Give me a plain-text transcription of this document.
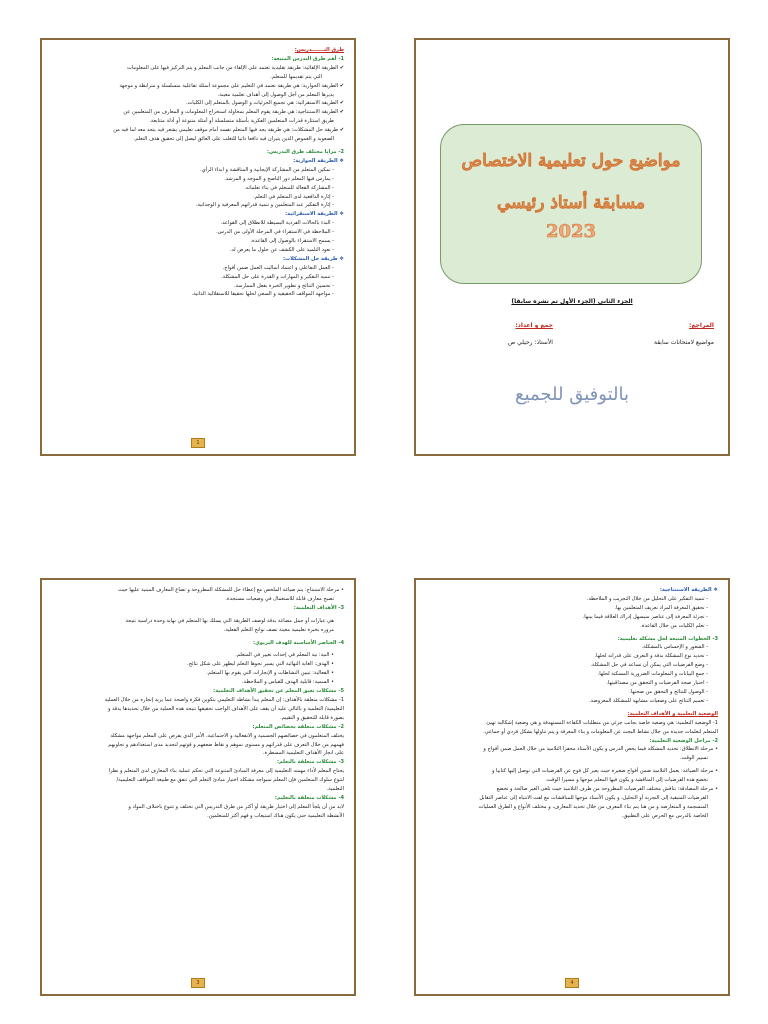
طرق التـــــــدريس:

1- أهم طرق التدرس المتبعة:

✔ الطريقة الإلقائية: طريقة تقليدية تعتمد على الإلقاء من جانب المعلم و يتم التركيز فيها على المعلومات

التي يتم تقديمها للمتعلم.

✔ الطريقة الحوارية: هي طريقة تعتمد في التعليم على مجموعة أسئلة تفاعلية متسلسلة و مترابطة و موجهة

يديرها المعلم من أجل الوصول إلى أهداف تعلمية معينة.

✔ الطريقة الاستقرائية: هي تجميع الجزئيات و الوصول بالمتعلم إلى الكليات.

✔ الطريقة الاستنتاجية: هي طريقة يقوم المعلم بمحاولة استخراج المعلومات و المعارف من المتعلمين عن

طريق استثارة قدرات المتعلمين الفكرية بأسئلة متسلسلة أو أمثلة متنوعة أو أدلة متتابعة.

✔ طريقة حل المشكلات: هي طريقة يجد فيها المتعلم نفسه أمام موقف تعليمي يشعر فيه بتحد معه لما فيه من

الصعوبة و الغموض الذين يثيران فيه دافعا ذاتيا للتغلب على العائق ليصل إلى تحقيق هدف التعلم.

2- مزايا مختلف طرق التدريس:

❖ الطريقة الحوارية:

- تمكين المتعلم من المشاركة الإيجابية و المناقشة و ابداء الرأي.

- يمارس فيها المعلم دور الناصح و الموجه و المرشد.

- المشاركة الفعالة للمتعلم في بناء تعلماته.

- إثارة الدافعية لدى المتعلم في التعلم.

- إثارة التفكير عند المتعلمين و تنمية قدراتهم المعرفية و الوجدانية.

❖ الطريقة الاستقرائية:

- البدء بالحالات الفردية البسيطة للانطلاق إلى القواعد.

- الملاحظة في الاستقراء في المرحلة الأولى من الدرس.

- يسمح الاستقراء بالوصول إلى القاعدة.

- تعود التلميذ على الكشف عن حلول ما يعرض له.

❖ طريقة حل المشكلات:

- العمل التفاعلي و اعتماد أساليب العمل ضمن أفواج.

- تنمية التفكير و المهارات و القدرة على حل المشكلة.

- تحسين النتائج و تطوير الخبرة بفعل الممارسة.

- مواجهة المواقف الحقيقية و السعي لحلها تحقيقا للاستقلالية الذاتية.

1
مواضيع حول تعليمية الاختصاص
مسابقة أستاذ رئيسي
2023
الجزء الثاني (الجزء الأول تم نشره سابقا)
المراجع:
مواضيع لامتحانات سابقة
جمع و اعداد:
الأستاذ: رحيلي ص
بالتوفيق للجميع

• مرحلة الاستنتاج: يتم صياغة الملخص مع إعطاء حل للمشكلة المطروحة و تصاغ المعارف المبنية عليها حيث

تصبح معارف قابلة للاستعمال في وضعيات مستجدة.

3- الأهداف التعلمية:

هي عبارات أو جمل مصاغة بدقة لوصف الطريقة التي يسلك بها المتعلم في نهاية وحدة دراسية نتيجة

مروره بخبرة تعليمية معينة تصف نواتج التعلم الفعلية.

4- العناصر الأساسية للهدف التربوي:

• النية: نية المعلم في إحداث تغيير في المتعلم.

• الهدف: الغاية النهائية التي يسير نحوها التعلم ليظهر على شكل نتائج.

• الفعالية: تبيين النشاطات و الإنجازات التي يقوم بها المتعلم.

• السمية: قابلية الهدف للقياس و الملاحظة.

5- مشكلات تعيق المعلم عن تحقيق الأهداف التعلمية:

1- مشكلات متعلقة بالأهداف: إن المعلم يبدأ نشاطه التعليمي بتكوين فكرة واضحة عما يريد إنجازه من خلال العملية

التعليمية/ التعلمية و بالتالي عليه أن يقف على الأهداف الواجب تحقيقها نتيجة هذه العملية من خلال تحديدها بدقة و

بصورة قابلة للتحقيق و التقييم.

2- مشكلات متعلقة بخصائص المتعلم:

يختلف المتعلمون في خصائصهم الجسمية و الانفعالية و الاجتماعية، الأمر الذي يفرض على المعلم مواجهة مشكلة

فهمهم من خلال التعرف على قدراتهم و مستوى نموهم و نقاط ضعفهم و قوتهم لتحديد مدى استعدادهم و تجاوبهم

على انجاز الأهداف التعليمية المسطرة.

3- مشكلات متعلقة بالتعلم:

يحتاج المعلم لأداء مهمته التعليمية إلى معرفة المبادئ المتنوعة التي تحكم عملية بناء المعارف لدى المتعلم و نظرا

لتنوع سلوك المتعلمين فإن المعلم سيواجه مشكلة اختيار مبادئ التعلم التي تتفق مع طبيعة المواقف التعليمية/

التعلمية.

4- مشكلات متعلقة بالتعليم:

لابد من أن يلجأ المعلم إلى اختيار طريقة أو أكثر من طرق التدريس التي تختلف و تتنوع باختلاف المواد و

الأنشطة التعليمية حتى يكون هناك استيعاب و فهم أكثر للمتعلمين.

3

❖ الطريقة الاستنتاجية:

- تنمية التفكير على التحليل من خلال التجريب و الملاحظة.

- تحقيق المعرفة المراد تعريف المتعلمين بها.

- تجزئة المعرفة إلى عناصر سيسهل إدراك العلاقة فيما بينها.

- تعلم الكليات من خلال القاعدة.

3- الخطوات المتبعة لحل مشكلة تعليمية:

- الشعور و الإحساس بالمشكلة.

- تحديد نوع المشكلة بدقة و التعرف على قدراته لحلها.

- وضع الفرضيات التي يمكن أن تساعد في حل المشكلة.

- جمع البيانات و المعلومات الضرورية المسكنة لحلها.

- اختبار صحة الفرضيات و التحقق من مصداقيتها.

- الوصول للنتائج و التحقق من صحتها.

- تعميم النتائج على وضعيات مشابهة للمشكلة المعروضة.

الوضعية التعلمية و الأهداف التعلمية:

1- الوضعية التعلمية: هي وضعية خاصة بجانب جزئي من متطلبات الكفاءة المستهدفة و هي وضعية إشكالية تهيئ

المتعلم لتعلمات جديدة من خلال نشاط البحث عن المعلومات و بناء المعرفة و يتم تناولها بشكل فردي أو جماعي.

2- مراحل الوضعية التعلمية:

• مرحلة الانطلاق: تحديد المشكلة فيما يخص الدرس و يكون الأستاذ محفزا التلاميذ من خلال العمل ضمن أفواج و

تسيير الوقت.

• مرحلة الصياغة: يعمل التلاميذ ضمن أفواج صغيرة حيث يعبر كل فوج عن الفرضيات التي توصل إليها كتابيا و

تخضع هذه الفرضيات إلى المناقشة و يكون فيها المعلم موجها و مسيرا الوقت.

• مرحلة المصادقة: تناقش مختلف الفرضيات المطروحة من طرف التلاميذ حيث تلغى الغير صالحة و تخضع

الفرضيات المتبقية إلى التجربة أو التحليل، و يكون الأستاذ موجها للمناقشات مع لفت الانتباه إلى عناصر التقابل

المتسجمة و المتعارضة و من هنا يتم بناء المعرف من خلال تحديد المعارف، و مختلف الأنواع و الطرق العمليات

الخاصة بالدرس مع الحرص على التطبيق.

4
